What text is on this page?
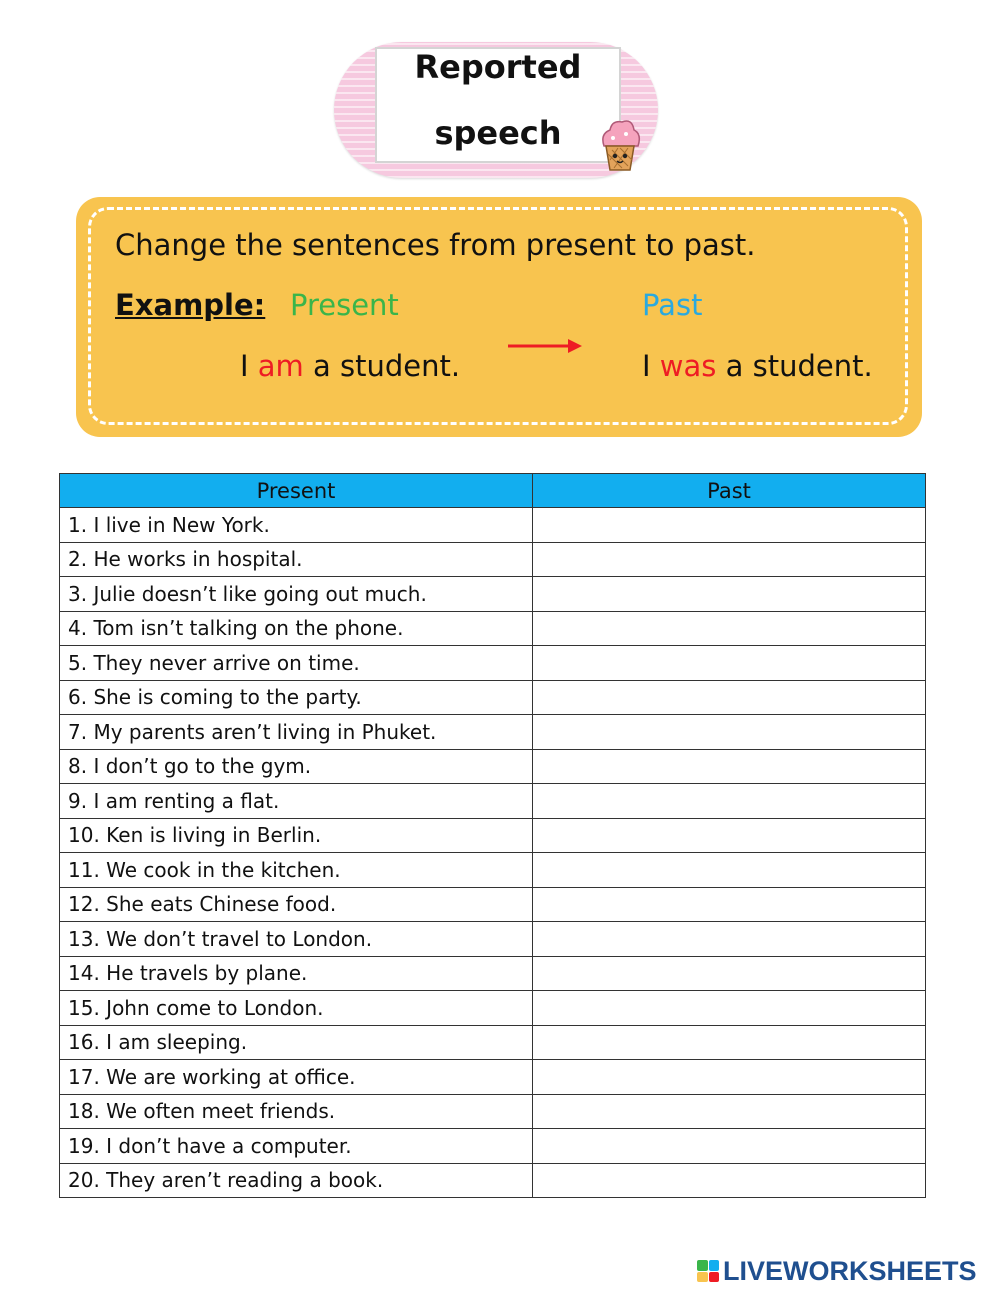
Reported
speech
Change the sentences from present to past.
Example: Present	Past
I am a student.	I was a student.
Present	Past
1. I live in New York.	
2. He works in hospital.	
3. Julie doesn’t like going out much.	
4. Tom isn’t talking on the phone.	
5. They never arrive on time.	
6. She is coming to the party.	
7. My parents aren’t living in Phuket.	
8. I don’t go to the gym.	
9. I am renting a flat.	
10. Ken is living in Berlin.	
11. We cook in the kitchen.	
12. She eats Chinese food.	
13. We don’t travel to London.	
14. He travels by plane.	
15. John come to London.	
16. I am sleeping.	
17. We are working at office.	
18. We often meet friends.	
19. I don’t have a computer.	
20. They aren’t reading a book.	
LIVEWORKSHEETS
